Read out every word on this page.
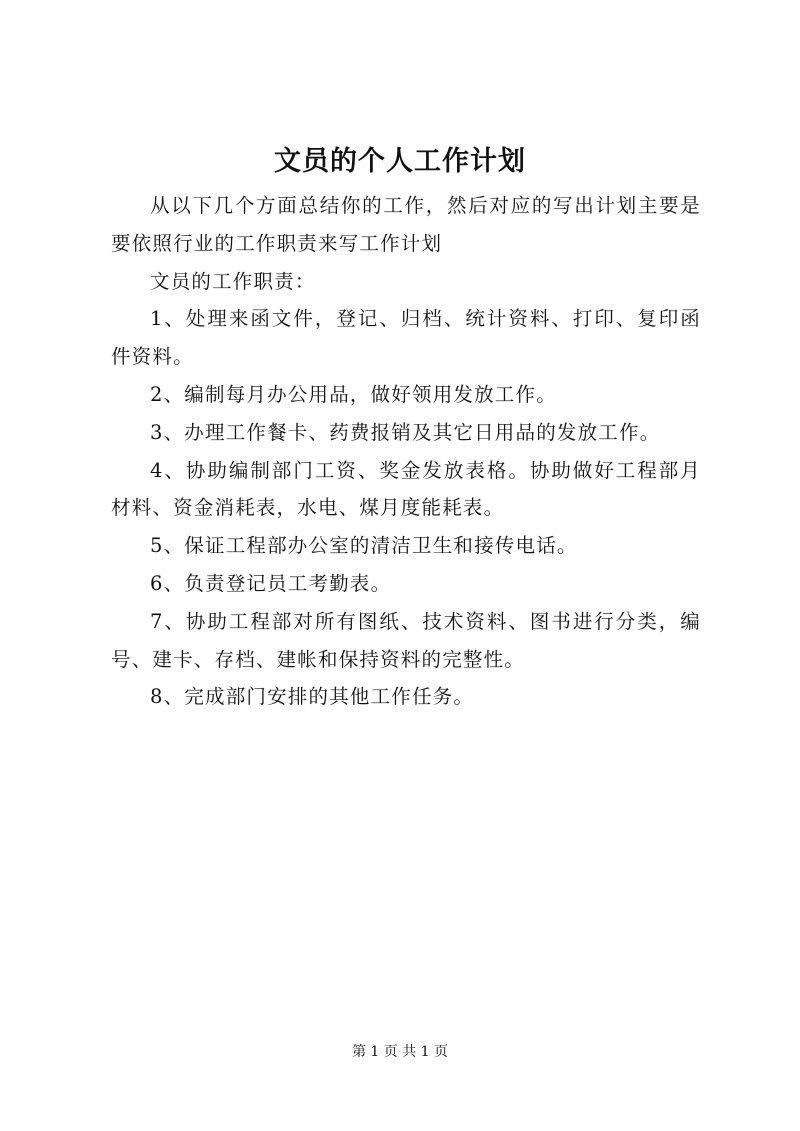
文员的个人工作计划

从以下几个方面总结你的工作，然后对应的写出计划主要是要依照行业的工作职责来写工作计划

文员的工作职责：

1、处理来函文件，登记、归档、统计资料、打印、复印函件资料。

2、编制每月办公用品，做好领用发放工作。

3、办理工作餐卡、药费报销及其它日用品的发放工作。

4、协助编制部门工资、奖金发放表格。协助做好工程部月材料、资金消耗表，水电、煤月度能耗表。

5、保证工程部办公室的清洁卫生和接传电话。

6、负责登记员工考勤表。

7、协助工程部对所有图纸、技术资料、图书进行分类，编号、建卡、存档、建帐和保持资料的完整性。

8、完成部门安排的其他工作任务。

第 1 页 共 1 页
